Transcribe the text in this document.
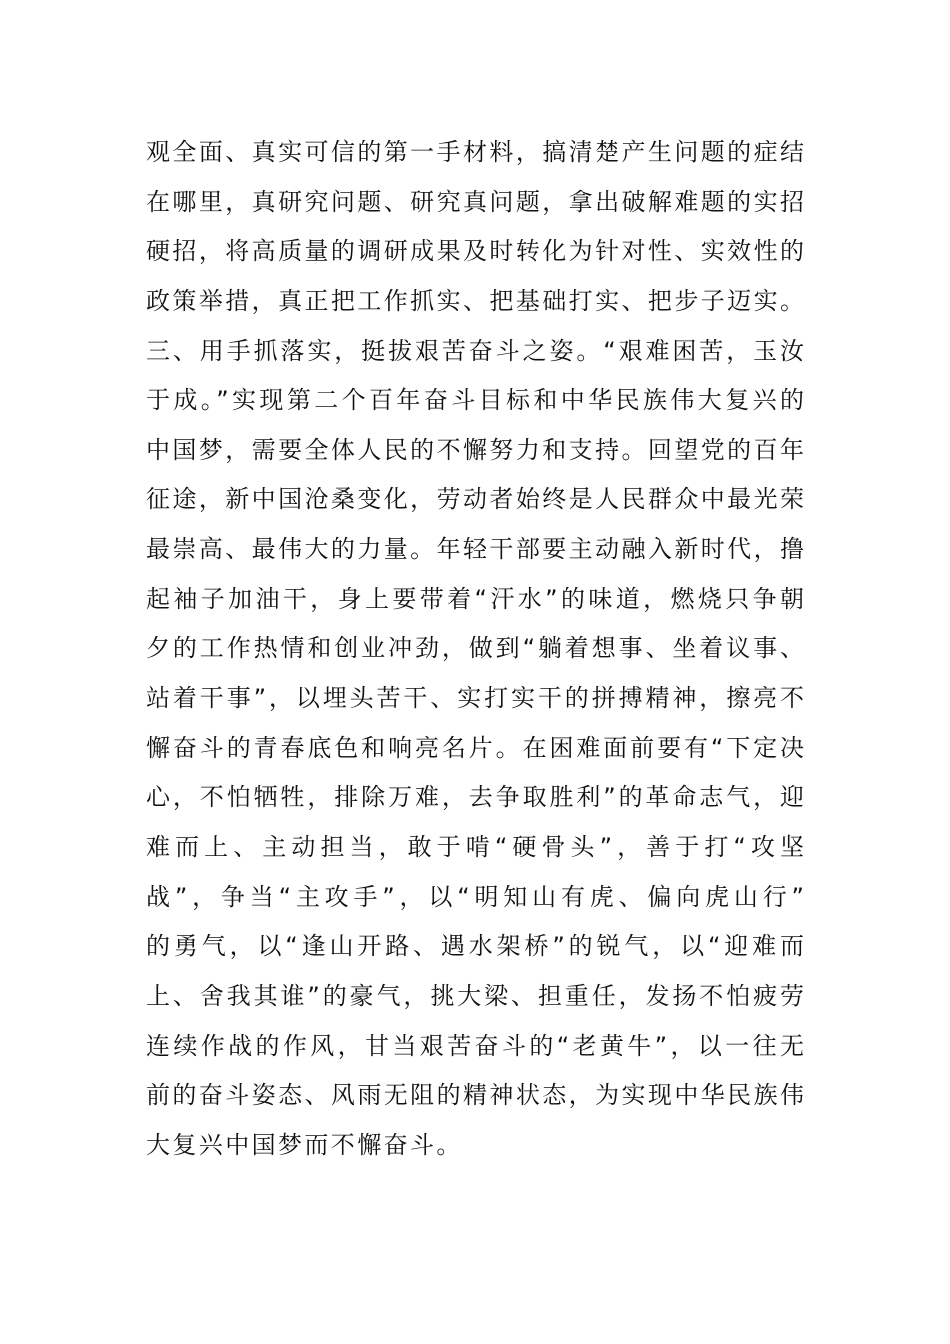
观全面、真实可信的第一手材料，搞清楚产生问题的症结
在哪里，真研究问题、研究真问题，拿出破解难题的实招
硬招，将高质量的调研成果及时转化为针对性、实效性的
政策举措，真正把工作抓实、把基础打实、把步子迈实。
三、用手抓落实，挺拔艰苦奋斗之姿。“艰难困苦，玉汝
于成。”实现第二个百年奋斗目标和中华民族伟大复兴的
中国梦，需要全体人民的不懈努力和支持。回望党的百年
征途，新中国沧桑变化，劳动者始终是人民群众中最光荣
最崇高、最伟大的力量。年轻干部要主动融入新时代，撸
起袖子加油干，身上要带着“汗水”的味道，燃烧只争朝
夕的工作热情和创业冲劲，做到“躺着想事、坐着议事、
站着干事”，以埋头苦干、实打实干的拼搏精神，擦亮不
懈奋斗的青春底色和响亮名片。在困难面前要有“下定决
心，不怕牺牲，排除万难，去争取胜利”的革命志气，迎
难而上、主动担当，敢于啃“硬骨头”，善于打“攻坚
战”，争当“主攻手”，以“明知山有虎、偏向虎山行”
的勇气，以“逢山开路、遇水架桥”的锐气，以“迎难而
上、舍我其谁”的豪气，挑大梁、担重任，发扬不怕疲劳
连续作战的作风，甘当艰苦奋斗的“老黄牛”，以一往无
前的奋斗姿态、风雨无阻的精神状态，为实现中华民族伟
大复兴中国梦而不懈奋斗。
